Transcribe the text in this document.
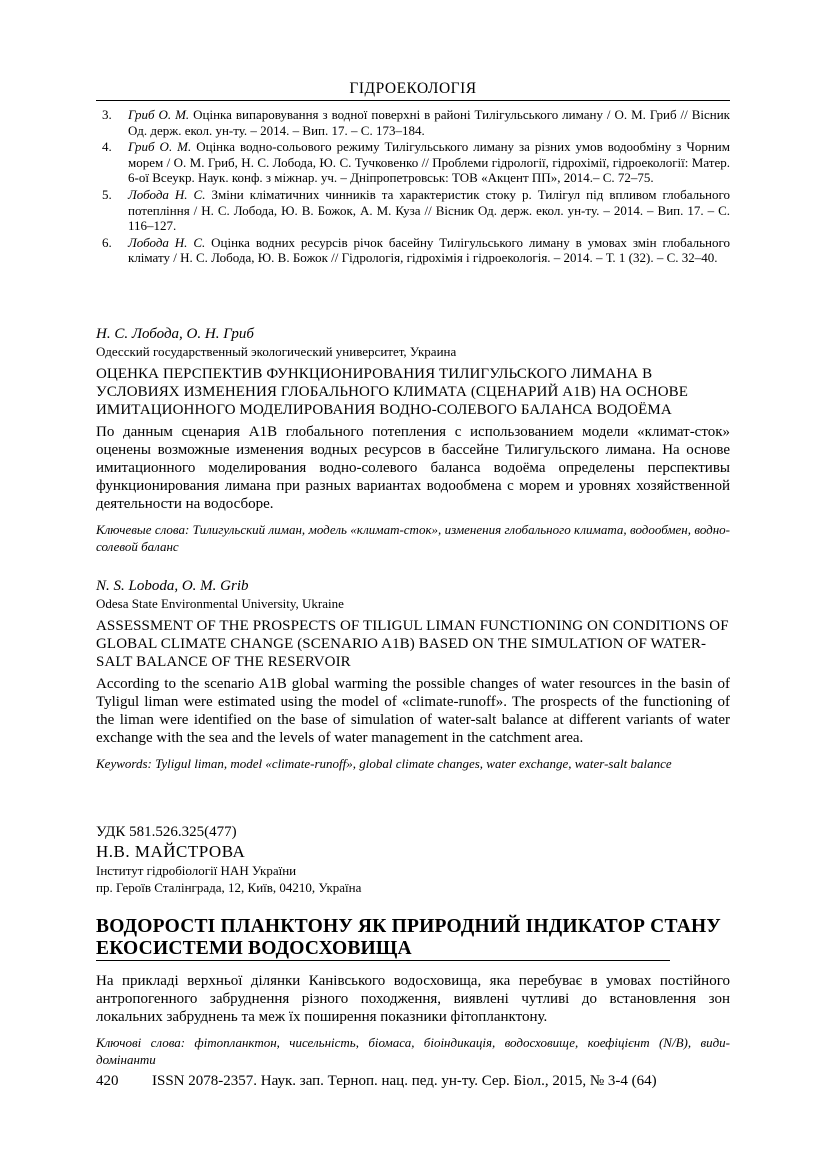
ГІДРОЕКОЛОГІЯ
3. Гриб О. М. Оцінка випаровування з водної поверхні в районі Тилігульського лиману / О. М. Гриб // Вісник Од. держ. екол. ун-ту. – 2014. – Вип. 17. – С. 173–184.
4. Гриб О. М. Оцінка водно-сольового режиму Тилігульського лиману за різних умов водообміну з Чорним морем / О. М. Гриб, Н. С. Лобода, Ю. С. Тучковенко // Проблеми гідрології, гідрохімії, гідроекології: Матер. 6-ої Всеукр. Наук. конф. з міжнар. уч. – Дніпропетровськ: ТОВ «Акцент ПП», 2014.– С. 72–75.
5. Лобода Н. С. Зміни кліматичних чинників та характеристик стоку р. Тилігул під впливом глобального потепління / Н. С. Лобода, Ю. В. Божок, А. М. Куза // Вісник Од. держ. екол. ун-ту. – 2014. – Вип. 17. – С. 116–127.
6. Лобода Н. С. Оцінка водних ресурсів річок басейну Тилігульського лиману в умовах змін глобального клімату / Н. С. Лобода, Ю. В. Божок // Гідрологія, гідрохімія і гідроекологія. – 2014. – Т. 1 (32). – С. 32–40.
Н. С. Лобода, О. Н. Гриб
Одесский государственный экологический университет, Украина
ОЦЕНКА ПЕРСПЕКТИВ ФУНКЦИОНИРОВАНИЯ ТИЛИГУЛЬСКОГО ЛИМАНА В УСЛОВИЯХ ИЗМЕНЕНИЯ ГЛОБАЛЬНОГО КЛИМАТА (СЦЕНАРИЙ А1В) НА ОСНОВЕ ИМИТАЦИОННОГО МОДЕЛИРОВАНИЯ ВОДНО-СОЛЕВОГО БАЛАНСА ВОДОЁМА
По данным сценария А1В глобального потепления с использованием модели «климат-сток» оценены возможные изменения водных ресурсов в бассейне Тилигульского лимана. На основе имитационного моделирования водно-солевого баланса водоёма определены перспективы функционирования лимана при разных вариантах водообмена с морем и уровнях хозяйственной деятельности на водосборе.
Ключевые слова: Тилигульский лиман, модель «климат-сток», изменения глобального климата, водообмен, водно-солевой баланс
N. S. Loboda, O. M. Grib
Odesa State Environmental University, Ukraine
ASSESSMENT OF THE PROSPECTS OF TILIGUL LIMAN FUNCTIONING ON CONDITIONS OF GLOBAL CLIMATE CHANGE (SCENARIO A1B) BASED ON THE SIMULATION OF WATER-SALT BALANCE OF THE RESERVOIR
According to the scenario A1B global warming the possible changes of water resources in the basin of Tyligul liman were estimated using the model of «climate-runoff». The prospects of the functioning of the liman were identified on the base of simulation of water-salt balance at different variants of water exchange with the sea and the levels of water management in the catchment area.
Keywords: Tyligul liman, model «climate-runoff», global climate changes, water exchange, water-salt balance
УДК 581.526.325(477)
Н.В. МАЙСТРОВА
Інститут гідробіології НАН України
пр. Героїв Сталінграда, 12, Київ, 04210, Україна
ВОДОРОСТІ ПЛАНКТОНУ ЯК ПРИРОДНИЙ ІНДИКАТОР СТАНУ ЕКОСИСТЕМИ ВОДОСХОВИЩА
На прикладі верхньої ділянки Канівського водосховища, яка перебуває в умовах постійного антропогенного забруднення різного походження, виявлені чутливі до встановлення зон локальних забруднень та меж їх поширення показники фітопланктону.
Ключові слова: фітопланктон, чисельність, біомаса, біоіндикація, водосховище, коефіцієнт (N/B), види-домінанти
420 ISSN 2078-2357. Наук. зап. Терноп. нац. пед. ун-ту. Сер. Біол., 2015, № 3-4 (64)
